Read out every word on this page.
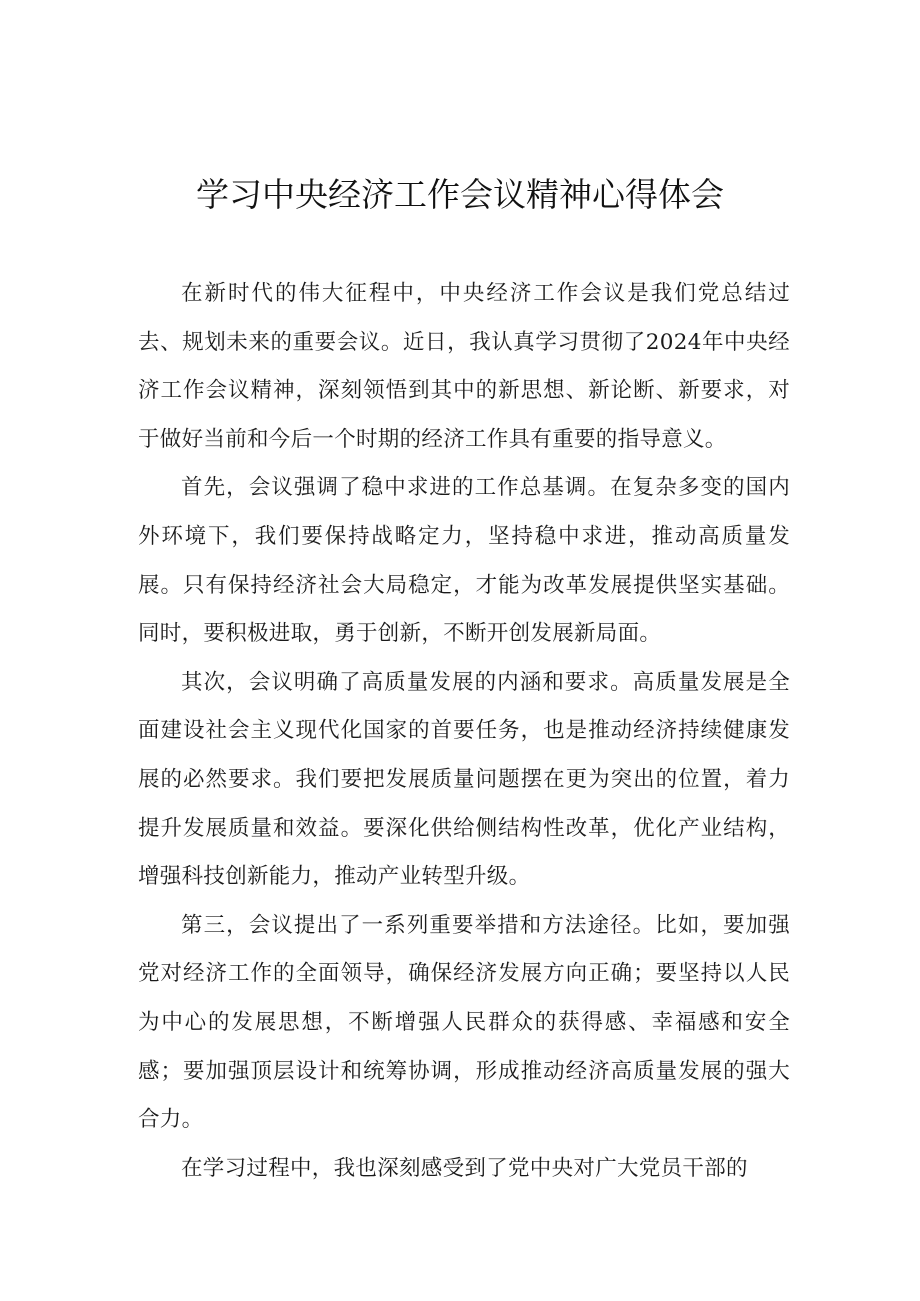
学习中央经济工作会议精神心得体会

在新时代的伟大征程中，中央经济工作会议是我们党总结过去、规划未来的重要会议。近日，我认真学习贯彻了2024年中央经济工作会议精神，深刻领悟到其中的新思想、新论断、新要求，对于做好当前和今后一个时期的经济工作具有重要的指导意义。

首先，会议强调了稳中求进的工作总基调。在复杂多变的国内外环境下，我们要保持战略定力，坚持稳中求进，推动高质量发展。只有保持经济社会大局稳定，才能为改革发展提供坚实基础。同时，要积极进取，勇于创新，不断开创发展新局面。

其次，会议明确了高质量发展的内涵和要求。高质量发展是全面建设社会主义现代化国家的首要任务，也是推动经济持续健康发展的必然要求。我们要把发展质量问题摆在更为突出的位置，着力提升发展质量和效益。要深化供给侧结构性改革，优化产业结构，增强科技创新能力，推动产业转型升级。

第三，会议提出了一系列重要举措和方法途径。比如，要加强党对经济工作的全面领导，确保经济发展方向正确；要坚持以人民为中心的发展思想，不断增强人民群众的获得感、幸福感和安全感；要加强顶层设计和统筹协调，形成推动经济高质量发展的强大合力。

在学习过程中，我也深刻感受到了党中央对广大党员干部的
